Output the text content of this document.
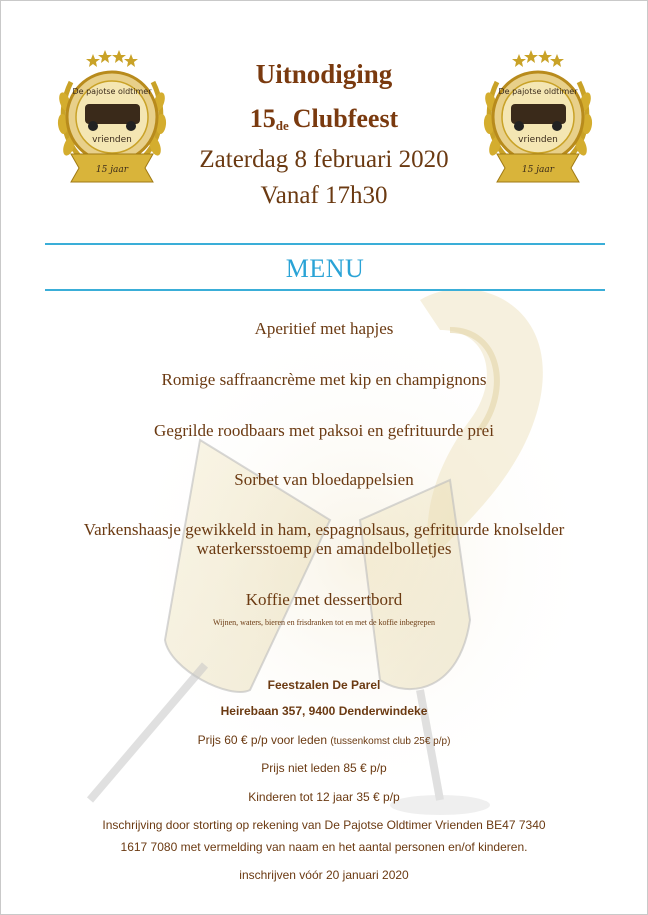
De pajotse oldtimer
vrienden
15 jaar
De pajotse oldtimer
vrienden
15 jaar
Uitnodiging
15de Clubfeest
Zaterdag 8 februari 2020
Vanaf 17h30
MENU
Aperitief met hapjes
Romige saffraancrème met kip en champignons
Gegrilde roodbaars met paksoi en gefrituurde prei
Sorbet van bloedappelsien
Varkenshaasje gewikkeld in ham, espagnolsaus, gefrituurde knolselder
waterkersstoemp en amandelbolletjes
Koffie met dessertbord
Wijnen, waters, bieren en frisdranken tot en met de koffie inbegrepen
Feestzalen De Parel
Heirebaan 357, 9400 Denderwindeke
Prijs 60 € p/p voor leden (tussenkomst club 25€ p/p)
Prijs niet leden 85 € p/p
Kinderen tot 12 jaar 35 € p/p
Inschrijving door storting op rekening van De Pajotse Oldtimer Vrienden BE47 7340
1617 7080 met vermelding van naam en het aantal personen en/of kinderen.
inschrijven vóór 20 januari 2020
